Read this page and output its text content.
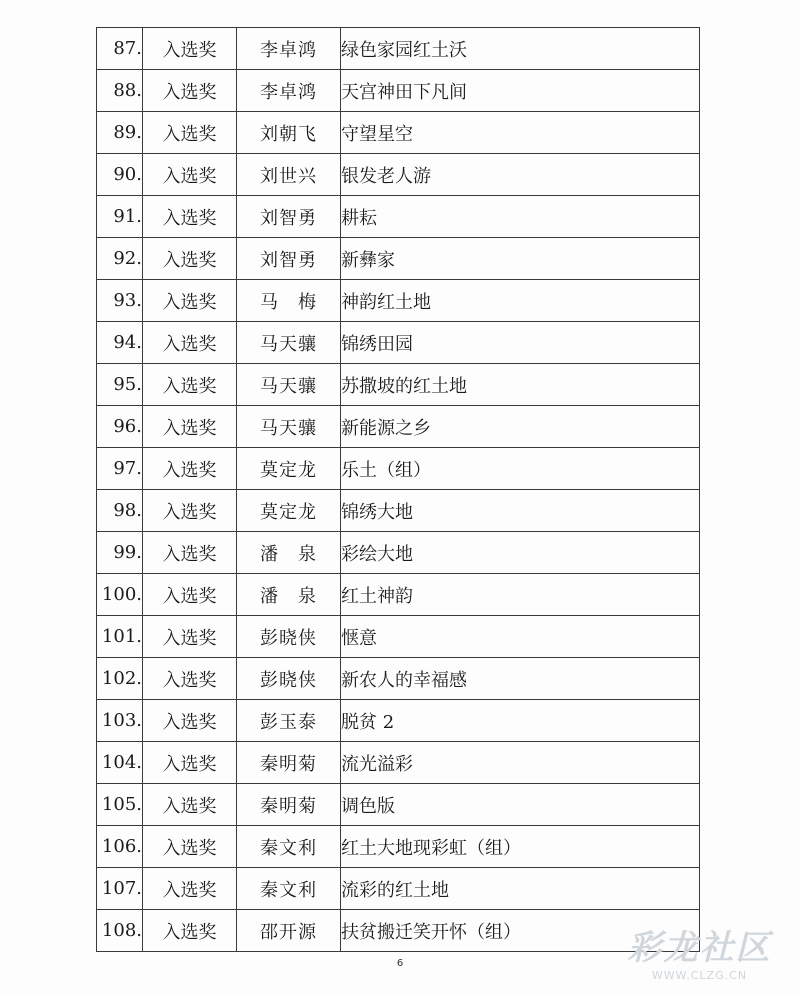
87.	入选奖	李卓鸿	绿色家园红土沃
88.	入选奖	李卓鸿	天宫神田下凡间
89.	入选奖	刘朝飞	守望星空
90.	入选奖	刘世兴	银发老人游
91.	入选奖	刘智勇	耕耘
92.	入选奖	刘智勇	新彝家
93.	入选奖	马　梅	神韵红土地
94.	入选奖	马天骧	锦绣田园
95.	入选奖	马天骧	苏撒坡的红土地
96.	入选奖	马天骧	新能源之乡
97.	入选奖	莫定龙	乐土（组）
98.	入选奖	莫定龙	锦绣大地
99.	入选奖	潘　泉	彩绘大地
100.	入选奖	潘　泉	红土神韵
101.	入选奖	彭晓侠	惬意
102.	入选奖	彭晓侠	新农人的幸福感
103.	入选奖	彭玉泰	脱贫 2
104.	入选奖	秦明菊	流光溢彩
105.	入选奖	秦明菊	调色版
106.	入选奖	秦文利	红土大地现彩虹（组）
107.	入选奖	秦文利	流彩的红土地
108.	入选奖	邵开源	扶贫搬迁笑开怀（组）
6	彩龙社区
WWW.CLZG.CN
